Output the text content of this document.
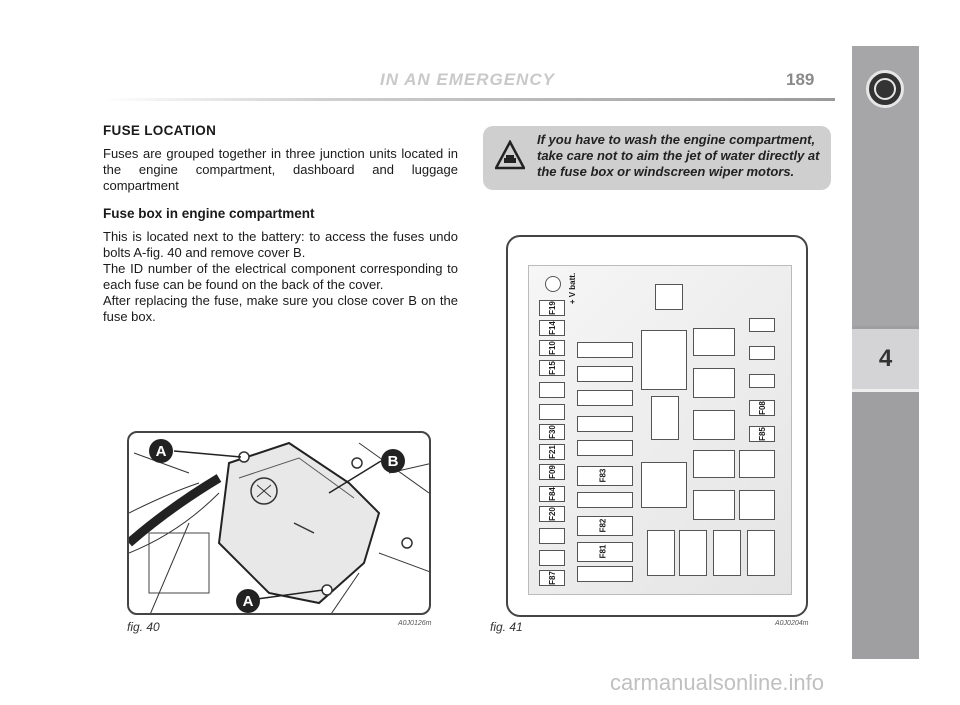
IN AN EMERGENCY	189
4
FUSE LOCATION

Fuses are grouped together in three junction units located in the engine compartment, dashboard and luggage compartment

Fuse box in engine compartment

This is located next to the battery: to access the fuses undo bolts A-fig. 40 and remove cover B.

The ID number of the electrical component corresponding to each fuse can be found on the back of the cover.

After replacing the fuse, make sure you close cover B on the fuse box.

If you have to wash the engine compartment, take care not to aim the jet of water directly at the fuse box or windscreen wiper motors.
A
B
A
fig. 40	A0J0126m
+ V batt.
F19
F14
F10
F15
F30
F21
F09
F84
F20
F87
F83
F82
F81
F08
F85
fig. 41	A0J0204m
carmanualsonline.info
